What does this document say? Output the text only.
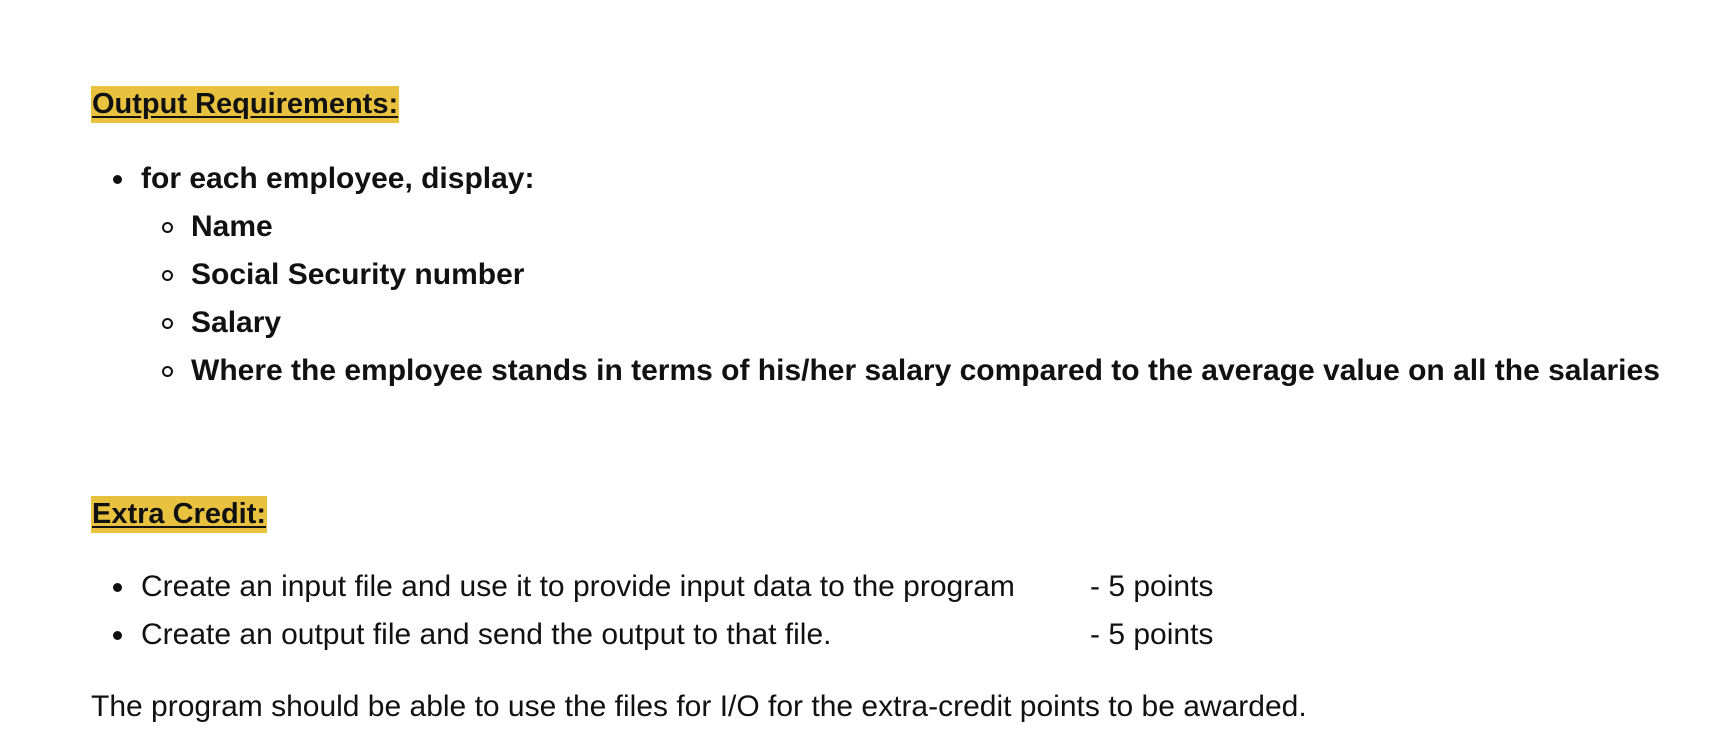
Output Requirements:
for each employee, display:
Name
Social Security number
Salary
Where the employee stands in terms of his/her salary compared to the average value on all the salaries
Extra Credit:
Create an input file and use it to provide input data to the program	- 5 points
Create an output file and send the output to that file.	- 5 points

The program should be able to use the files for I/O for the extra-credit points to be awarded.
